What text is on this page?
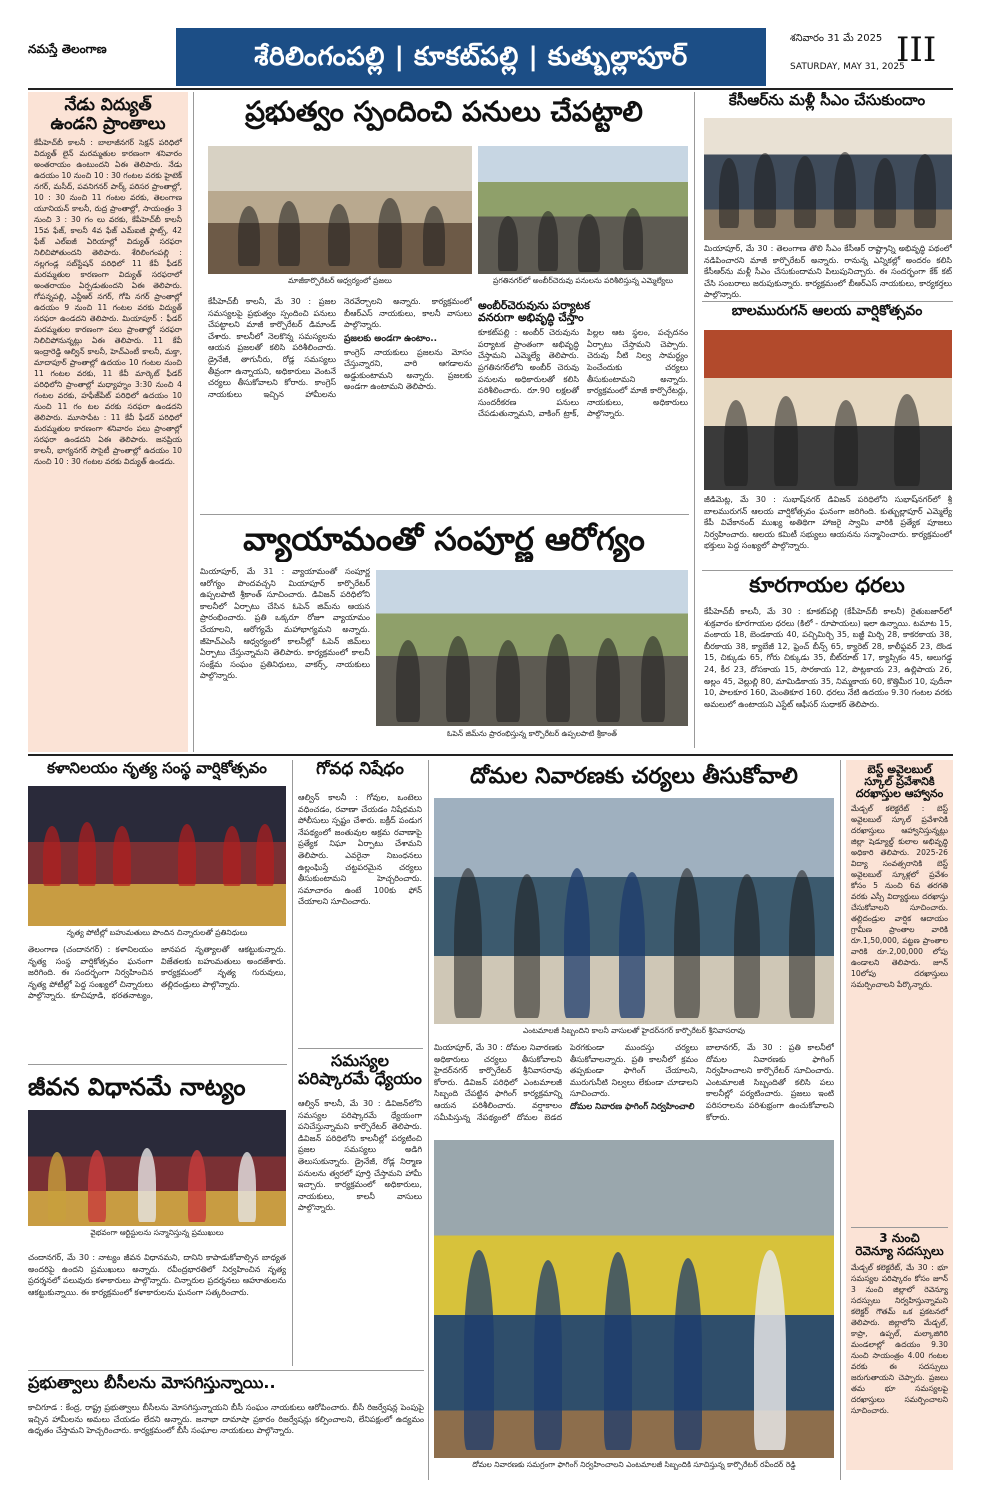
నమస్తే తెలంగాణ	శేరిలింగంపల్లి | కూకట్‌పల్లి | కుత్బుల్లాపూర్
శనివారం 31 మే 2025
SATURDAY, MAY 31, 2025
III
నేడు విద్యుత్
ఉండని ప్రాంతాలు
కేపీహెచ్‌బీ కాలనీ : బాలాజీనగర్ సెక్షన్ పరిధిలో విద్యుత్ లైన్ మరమ్మతుల కారణంగా శనివారం అంతరాయం ఉంటుందని ఏఈ తెలిపారు. నేడు ఉదయం 10 నుంచి 10 : 30 గంటల వరకు హైటెక్ నగర్, మసీద్, పవనిగనర్ పార్క్ పరిసర ప్రాంతాల్లో, 10 : 30 నుంచి 11 గంటల వరకు, తెలంగాణ యూనియన్ కాలనీ, రుద్ర ప్రాంతాల్లో, సాయంత్రం 3 నుంచి 3 : 30 గం లు వరకు, కేపీహెచ్‌బీ కాలనీ 15వ ఫేజ్, కాలనీ 4వ ఫేజ్ ఎమ్‌ఐజీ ఫ్లాట్స్, 42 ఫేజ్ ఎల్‌ఐజీ ఏరియాల్లో విద్యుత్ సరఫరా నిలిచిపోతుందని తెలిపారు. శేరిలింగంపల్లి : నల్లగండ్ల సబ్‌స్టేషన్ పరిధిలో 11 కేవీ ఫీడర్ మరమ్మతుల కారణంగా విద్యుత్ సరఫరాలో అంతరాయం ఏర్పడుతుందని ఏఈ తెలిపారు. గోపన్నపల్లి, ఎన్టీఆర్ నగర్, గోపి నగర్ ప్రాంతాల్లో ఉదయం 9 నుంచి 11 గంటల వరకు విద్యుత్ సరఫరా ఉండదని తెలిపారు. మియాపూర్ : ఫీడర్ మరమ్మతుల కారణంగా పలు ప్రాంతాల్లో సరఫరా నిలిచిపోనున్నట్లు ఏఈ తెలిపారు. 11 కేవీ ఇంద్రారెడ్డి ఆల్విన్ కాలనీ, హెచ్ఎంటీ కాలనీ, మక్తా, మాదాపూర్ ప్రాంతాల్లో ఉదయం 10 గంటల నుంచి 11 గంటల వరకు, 11 కేవీ మార్కెట్ ఫీడర్ పరిధిలోని ప్రాంతాల్లో మధ్యాహ్నం 3:30 నుంచి 4 గంటల వరకు, హఫీజ్‌పేట్ పరిధిలో ఉదయం 10 నుంచి 11 గం టల వరకు సరఫరా ఉండదని తెలిపారు. మూసాపేట : 11 కేవీ ఫీడర్ పరిధిలో మరమ్మతుల కారణంగా శనివారం పలు ప్రాంతాల్లో సరఫరా ఉండదని ఏఈ తెలిపారు. జనప్రియ కాలనీ, భాగ్యనగర్ సొసైటీ ప్రాంతాల్లో ఉదయం 10 నుంచి 10 : 30 గంటల వరకు విద్యుత్ ఉండదు.
ప్రభుత్వం స్పందించి పనులు చేపట్టాలి
మాజీకార్పొరేటర్ ఆధ్వర్యంలో ప్రజలు	ప్రగతినగర్‌లో అంబీర్‌చెరువు పనులను పరిశీలిస్తున్న ఎమ్మెల్యేలు
కేపీహెచ్‌బీ కాలనీ, మే 30 : ప్రజల సమస్యలపై ప్రభుత్వం స్పందించి పనులు చేపట్టాలని మాజీ కార్పొరేటర్ డిమాండ్ చేశారు. కాలనీలో నెలకొన్న సమస్యలను ఆయన ప్రజలతో కలిసి పరిశీలించారు. డ్రైనేజీ, తాగునీరు, రోడ్ల సమస్యలు తీవ్రంగా ఉన్నాయని, అధికారులు వెంటనే చర్యలు తీసుకోవాలని కోరారు. కాంగ్రెస్ నాయకులు ఇచ్చిన హామీలను నెరవేర్చాలని అన్నారు. కార్యక్రమంలో బీఆర్ఎస్ నాయకులు, కాలనీ వాసులు పాల్గొన్నారు.
ప్రజలకు అండగా ఉంటాం..
కాంగ్రెస్ నాయకులు ప్రజలను మోసం చేస్తున్నారని, వారి ఆగడాలను అడ్డుకుంటామని అన్నారు. ప్రజలకు అండగా ఉంటామని తెలిపారు.
అంబీర్‌చెరువును పర్యాటక
వనరుగా అభివృద్ధి చేస్తాం
కూకట్‌పల్లి : అంబీర్ చెరువును పర్యాటక ప్రాంతంగా అభివృద్ధి చేస్తామని ఎమ్మెల్యే తెలిపారు. ప్రగతినగర్‌లోని అంబీర్ చెరువు పనులను అధికారులతో కలిసి పరిశీలించారు. రూ.90 లక్షలతో సుందరీకరణ పనులు చేపడుతున్నామని, వాకింగ్ ట్రాక్, పిల్లల ఆట స్థలం, పచ్చదనం ఏర్పాటు చేస్తామని చెప్పారు. చెరువు నీటి నిల్వ సామర్థ్యం పెంచేందుకు చర్యలు తీసుకుంటామని అన్నారు. కార్యక్రమంలో మాజీ కార్పొరేటర్లు, నాయకులు, అధికారులు పాల్గొన్నారు.
కేసీఆర్‌ను మళ్లీ సీఎం చేసుకుందాం
మియాపూర్, మే 30 : తెలంగాణ తొలి సీఎం కేసీఆర్ రాష్ట్రాన్ని అభివృద్ధి పథంలో నడిపించారని మాజీ కార్పొరేటర్ అన్నారు. రానున్న ఎన్నికల్లో అందరం కలిసి కేసీఆర్‌ను మళ్లీ సీఎం చేసుకుందామని పిలుపునిచ్చారు. ఈ సందర్భంగా కేక్ కట్ చేసి సంబరాలు జరుపుకున్నారు. కార్యక్రమంలో బీఆర్ఎస్ నాయకులు, కార్యకర్తలు పాల్గొన్నారు.
బాలమురుగన్ ఆలయ వార్షికోత్సవం
జీడిమెట్ల, మే 30 : సుభాష్‌నగర్ డివిజన్ పరిధిలోని సుభాష్‌నగర్‌లో శ్రీ బాలమురుగన్ ఆలయ వార్షికోత్సవం ఘనంగా జరిగింది. కుత్బుల్లాపూర్ ఎమ్మెల్యే కేపీ వివేకానంద్ ముఖ్య అతిథిగా హాజరై స్వామి వారికి ప్రత్యేక పూజలు నిర్వహించారు. ఆలయ కమిటీ సభ్యులు ఆయనను సన్మానించారు. కార్యక్రమంలో భక్తులు పెద్ద సంఖ్యలో పాల్గొన్నారు.
వ్యాయామంతో సంపూర్ణ ఆరోగ్యం
మియాపూర్, మే 31 : వ్యాయామంతో సంపూర్ణ ఆరోగ్యం పొందవచ్చని మియాపూర్ కార్పొరేటర్ ఉప్పలపాటి శ్రీకాంత్ సూచించారు. డివిజన్ పరిధిలోని కాలనీలో ఏర్పాటు చేసిన ఓపెన్ జిమ్‌ను ఆయన ప్రారంభించారు. ప్రతి ఒక్కరూ రోజూ వ్యాయామం చేయాలని, ఆరోగ్యమే మహాభాగ్యమని అన్నారు. జీహెచ్ఎంసీ ఆధ్వర్యంలో కాలనీల్లో ఓపెన్ జిమ్‌లు ఏర్పాటు చేస్తున్నామని తెలిపారు. కార్యక్రమంలో కాలనీ సంక్షేమ సంఘం ప్రతినిధులు, వాకర్స్, నాయకులు పాల్గొన్నారు.
ఓపెన్ జిమ్‌ను ప్రారంభిస్తున్న కార్పొరేటర్ ఉప్పలపాటి శ్రీకాంత్
కూరగాయల ధరలు
కేపీహెచ్‌బీ కాలనీ, మే 30 : కూకట్‌పల్లి (కేపీహెచ్‌బీ కాలనీ) రైతుబజార్‌లో శుక్రవారం కూరగాయల ధరలు (కిలో - రూపాయలు) ఇలా ఉన్నాయి. టమాట 15, వంకాయ 18, బెండకాయ 40, పచ్చిమిర్చి 35, బజ్జీ మిర్చి 28, కాకరకాయ 38, బీరకాయ 38, క్యాబేజీ 12, ఫ్రెంచ్ బీన్స్ 65, క్యారెట్ 28, కాలీఫ్లవర్ 23, దొండ 15, చిక్కుడు 65, గోరు చిక్కుడు 35, బీట్‌రూట్ 17, క్యాప్సికం 45, ఆలుగడ్డ 24, కీర 23, దోసకాయ 15, సొరకాయ 12, పొట్లకాయ 23, ఉల్లిపాయ 26, అల్లం 45, వెల్లుల్లి 80, మామిడికాయ 35, నిమ్మకాయ 60, కొత్తిమీర 10, పుదీనా 10, పాలకూర 160, మెంతికూర 160. ధరలు నేటి ఉదయం 9.30 గంటల వరకు అమలులో ఉంటాయని ఎస్టేట్ ఆఫీసర్ సుధాకర్ తెలిపారు.
కళానిలయం నృత్య సంస్థ వార్షికోత్సవం
నృత్య పోటీల్లో బహుమతులు పొందిన చిన్నారులతో ప్రతినిధులు
తెలంగాణ (చందానగర్) : కళానిలయం నృత్య సంస్థ వార్షికోత్సవం ఘనంగా జరిగింది. ఈ సందర్భంగా నిర్వహించిన నృత్య పోటీల్లో పెద్ద సంఖ్యలో చిన్నారులు పాల్గొన్నారు. కూచిపూడి, భరతనాట్యం, జానపద నృత్యాలతో ఆకట్టుకున్నారు. విజేతలకు బహుమతులు అందజేశారు. కార్యక్రమంలో నృత్య గురువులు, తల్లిదండ్రులు పాల్గొన్నారు.
జీవన విధానమే నాట్యం
వైభవంగా ఆర్టిస్టులను సన్మానిస్తున్న ప్రముఖులు
చందానగర్, మే 30 : నాట్యం జీవన విధానమని, దానిని కాపాడుకోవాల్సిన బాధ్యత అందరిపై ఉందని ప్రముఖులు అన్నారు. రవీంద్రభారతిలో నిర్వహించిన నృత్య ప్రదర్శనలో పలువురు కళాకారులు పాల్గొన్నారు. చిన్నారుల ప్రదర్శనలు ఆహూతులను ఆకట్టుకున్నాయి. ఈ కార్యక్రమంలో కళాకారులను ఘనంగా సత్కరించారు.
ప్రభుత్వాలు బీసీలను మోసగిస్తున్నాయి..
కాచిగూడ : కేంద్ర, రాష్ట్ర ప్రభుత్వాలు బీసీలను మోసగిస్తున్నాయని బీసీ సంఘం నాయకులు ఆరోపించారు. బీసీ రిజర్వేషన్ల పెంపుపై ఇచ్చిన హామీలను అమలు చేయడం లేదని అన్నారు. జనాభా దామాషా ప్రకారం రిజర్వేషన్లు కల్పించాలని, లేనిపక్షంలో ఉద్యమం ఉధృతం చేస్తామని హెచ్చరించారు. కార్యక్రమంలో బీసీ సంఘాల నాయకులు పాల్గొన్నారు.
గోవధ నిషేధం
ఆల్విన్ కాలనీ : గోవుల, ఒంటెలు వధించడం, రవాణా చేయడం నిషేధమని పోలీసులు స్పష్టం చేశారు. బక్రీద్ పండుగ నేపథ్యంలో జంతువుల అక్రమ రవాణాపై ప్రత్యేక నిఘా ఏర్పాటు చేశామని తెలిపారు. ఎవరైనా నిబంధనలు ఉల్లంఘిస్తే చట్టపరమైన చర్యలు తీసుకుంటామని హెచ్చరించారు. సమాచారం ఉంటే 100కు ఫోన్ చేయాలని సూచించారు.
సమస్యల పరిష్కారమే ధ్యేయం
ఆల్విన్ కాలనీ, మే 30 : డివిజన్‌లోని సమస్యల పరిష్కారమే ధ్యేయంగా పనిచేస్తున్నామని కార్పొరేటర్ తెలిపారు. డివిజన్ పరిధిలోని కాలనీల్లో పర్యటించి ప్రజల సమస్యలు అడిగి తెలుసుకున్నారు. డ్రైనేజీ, రోడ్ల నిర్మాణ పనులను త్వరలో పూర్తి చేస్తామని హామీ ఇచ్చారు. కార్యక్రమంలో అధికారులు, నాయకులు, కాలనీ వాసులు పాల్గొన్నారు.
దోమల నివారణకు చర్యలు తీసుకోవాలి
ఎంటమాలజీ సిబ్బందిని కాలనీ వాసులతో హైదర్‌నగర్ కార్పొరేటర్ శ్రీనివాసరావు
మియాపూర్, మే 30 : దోమల నివారణకు అధికారులు చర్యలు తీసుకోవాలని హైదర్‌నగర్ కార్పొరేటర్ శ్రీనివాసరావు కోరారు. డివిజన్ పరిధిలో ఎంటమాలజీ సిబ్బంది చేపట్టిన ఫాగింగ్ కార్యక్రమాన్ని ఆయన పరిశీలించారు. వర్షాకాలం సమీపిస్తున్న నేపథ్యంలో దోమల బెడద పెరగకుండా ముందస్తు చర్యలు తీసుకోవాలన్నారు. ప్రతి కాలనీలో క్రమం తప్పకుండా ఫాగింగ్ చేయాలని, మురుగునీటి నిల్వలు లేకుండా చూడాలని సూచించారు.
దోమల నివారణ ఫాగింగ్ నిర్వహించాలి
బాలానగర్, మే 30 : ప్రతి కాలనీలో దోమల నివారణకు ఫాగింగ్ నిర్వహించాలని కార్పొరేటర్ సూచించారు. ఎంటమాలజీ సిబ్బందితో కలిసి పలు కాలనీల్లో పర్యటించారు. ప్రజలు ఇంటి పరిసరాలను పరిశుభ్రంగా ఉంచుకోవాలని కోరారు.
దోమల నివారణకు సమగ్రంగా ఫాగింగ్ నిర్వహించాలని ఎంటమాలజీ సిబ్బందికి సూచిస్తున్న కార్పొరేటర్ రవీందర్ రెడ్డి
బెస్ట్ అవైలబుల్
స్కూల్ ప్రవేశానికి
దరఖాస్తుల ఆహ్వానం
మేడ్చల్ కలెక్టరేట్ : బెస్ట్ అవైలబుల్ స్కూల్ ప్రవేశానికి దరఖాస్తులు ఆహ్వానిస్తున్నట్లు జిల్లా షెడ్యూల్డ్ కులాల అభివృద్ధి అధికారి తెలిపారు. 2025-26 విద్యా సంవత్సరానికి బెస్ట్ అవైలబుల్ స్కూళ్లలో ప్రవేశం కోసం 5 నుంచి 6వ తరగతి వరకు ఎస్సీ విద్యార్థులు దరఖాస్తు చేసుకోవాలని సూచించారు. తల్లిదండ్రుల వార్షిక ఆదాయం గ్రామీణ ప్రాంతాల వారికి రూ.1,50,000, పట్టణ ప్రాంతాల వారికి రూ.2,00,000 లోపు ఉండాలని తెలిపారు. జూన్ 10లోపు దరఖాస్తులు సమర్పించాలని పేర్కొన్నారు.
3 నుంచి
రెవెన్యూ సదస్సులు
మేడ్చల్ కలెక్టరేట్, మే 30 : భూ సమస్యల పరిష్కారం కోసం జూన్ 3 నుంచి జిల్లాలో రెవెన్యూ సదస్సులు నిర్వహిస్తున్నామని కలెక్టర్ గౌతమ్ ఒక ప్రకటనలో తెలిపారు. జిల్లాలోని మేడ్చల్, కాప్రా, ఉప్పల్, మల్కాజిగిరి మండలాల్లో ఉదయం 9.30 నుంచి సాయంత్రం 4.00 గంటల వరకు ఈ సదస్సులు జరుగుతాయని చెప్పారు. ప్రజలు తమ భూ సమస్యలపై దరఖాస్తులు సమర్పించాలని సూచించారు.
